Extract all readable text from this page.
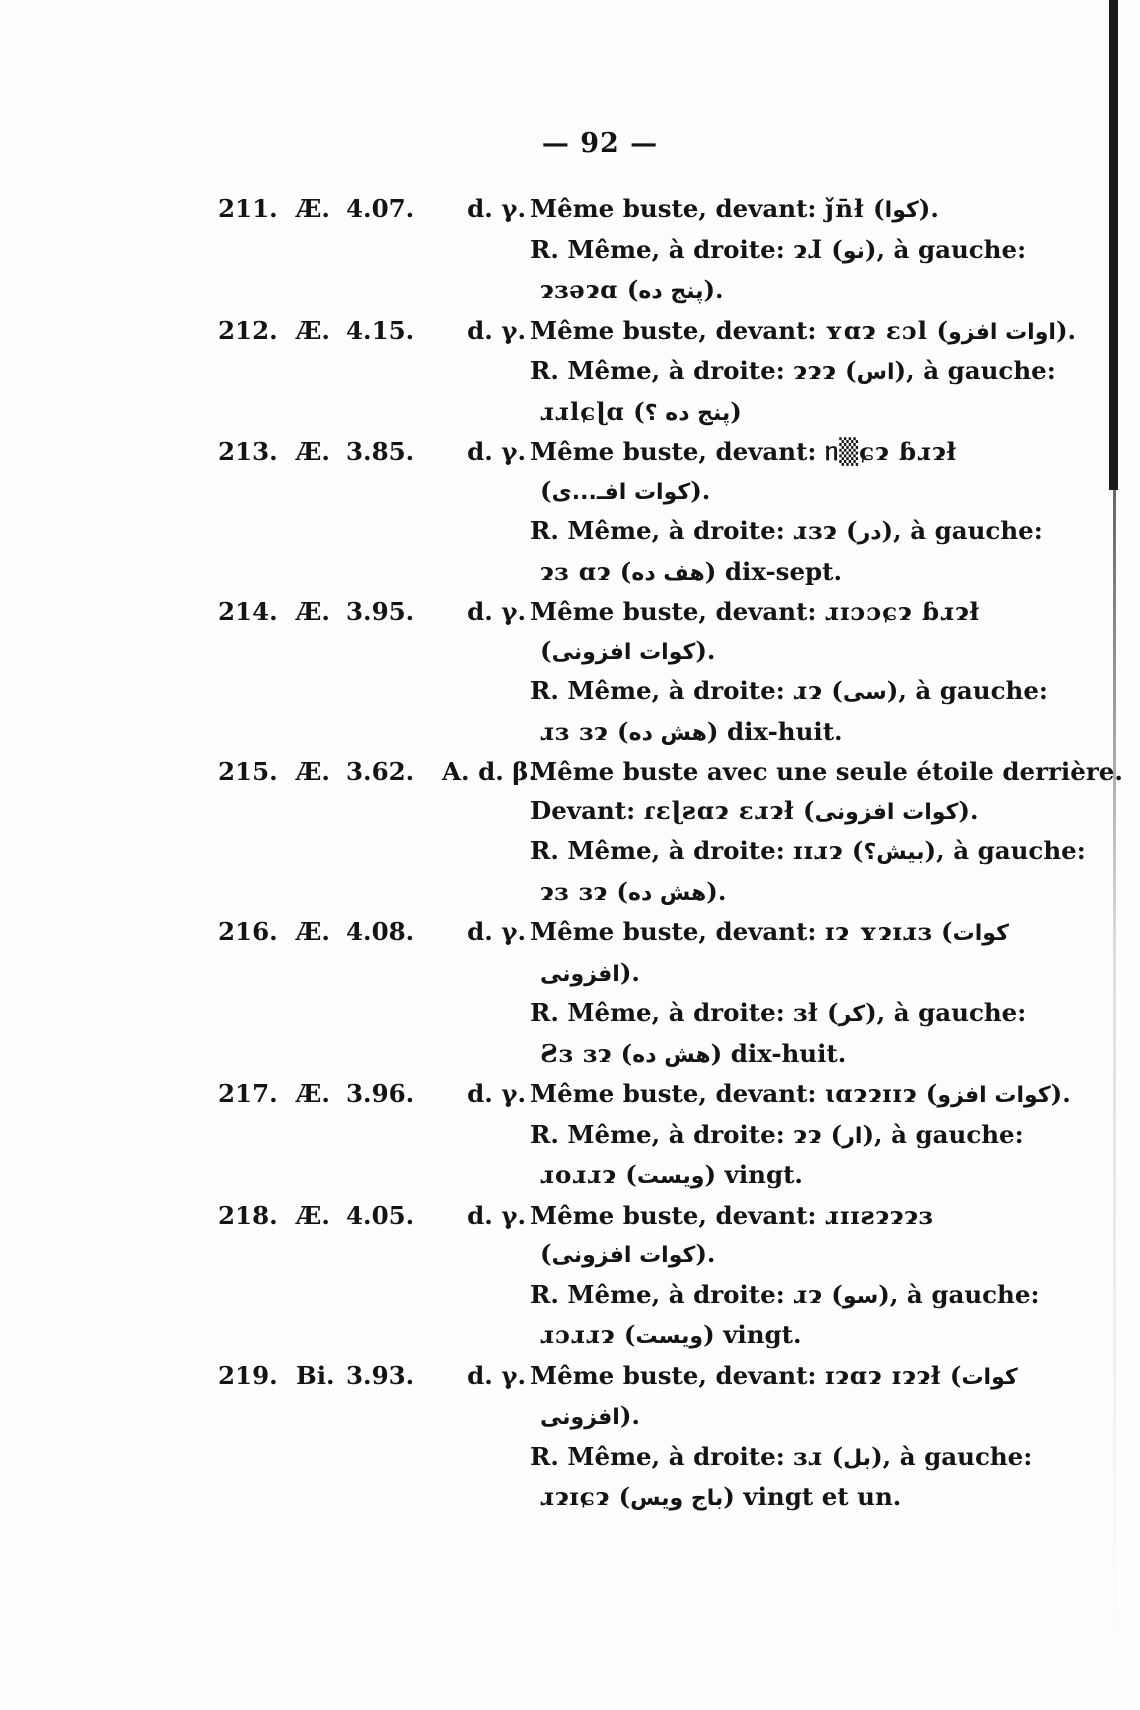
— 92 —
211. Æ. 4.07.	d. γ. Même buste, devant: ǰn̄ł (كوا).
R. Même, à droite: ɂɺ (نو), à gauche:
ɂɜǝɂɑ (پنج ده).
212. Æ. 4.15.	d. γ. Même buste, devant: ʏɑɂ ɛɔl (اوات افزو).
R. Même, à droite: ɂɂɂ (اس), à gauche:
ɹɹlɕɭɑ (پنج ده ؟)
213. Æ. 3.85.	d. γ. Même buste, devant: ᥒ▒ɕɂ ɓɹɂł
(كوات افـ...ى).
R. Même, à droite: ɹɜɂ (در), à gauche:
ɂɜ ɑɂ (هف ده) dix-sept.
214. Æ. 3.95.	d. γ. Même buste, devant: ɹɪɔɔɕɂ ɓɹɂł
(كوات افزونى).
R. Même, à droite: ɹɂ (سى), à gauche:
ɹɜ ɜɂ (هش ده) dix-huit.
215. Æ. 3.62. A. d. β.
Même buste avec une seule étoile derrière.
Devant: ɾɛɭƨɑɂ ɛɹɂł (كوات افزونى).
R. Même, à droite: ɪɪɹɂ (بيش؟), à gauche:
ɂɜ ɜɂ (هش ده).
216. Æ. 4.08.	d. γ. Même buste, devant: ɪɂ ʏɂɪɹɜ (كوات
افزونى).
R. Même, à droite: ɜł (كر), à gauche:
Ƨɜ ɜɂ (هش ده) dix-huit.
217. Æ. 3.96.	d. γ. Même buste, devant: ɩɑɂɂɪɪɂ (كوات افزو).
R. Même, à droite: ɂɂ (ار), à gauche:
ɹoɹɹɂ (ويست) vingt.
218. Æ. 4.05.	d. γ. Même buste, devant: ɹɪɪƨɂɂɂɜ
(كوات افزونى).
R. Même, à droite: ɹɂ (سو), à gauche:
ɹɔɹɹɂ (ويست) vingt.
219. Bi. 3.93.	d. γ. Même buste, devant: ɪɂɑɂ ɪɂɂł (كوات
افزونى).
R. Même, à droite: ɜɹ (بل), à gauche:
ɹɂɪɕɂ (باج ويس) vingt et un.
